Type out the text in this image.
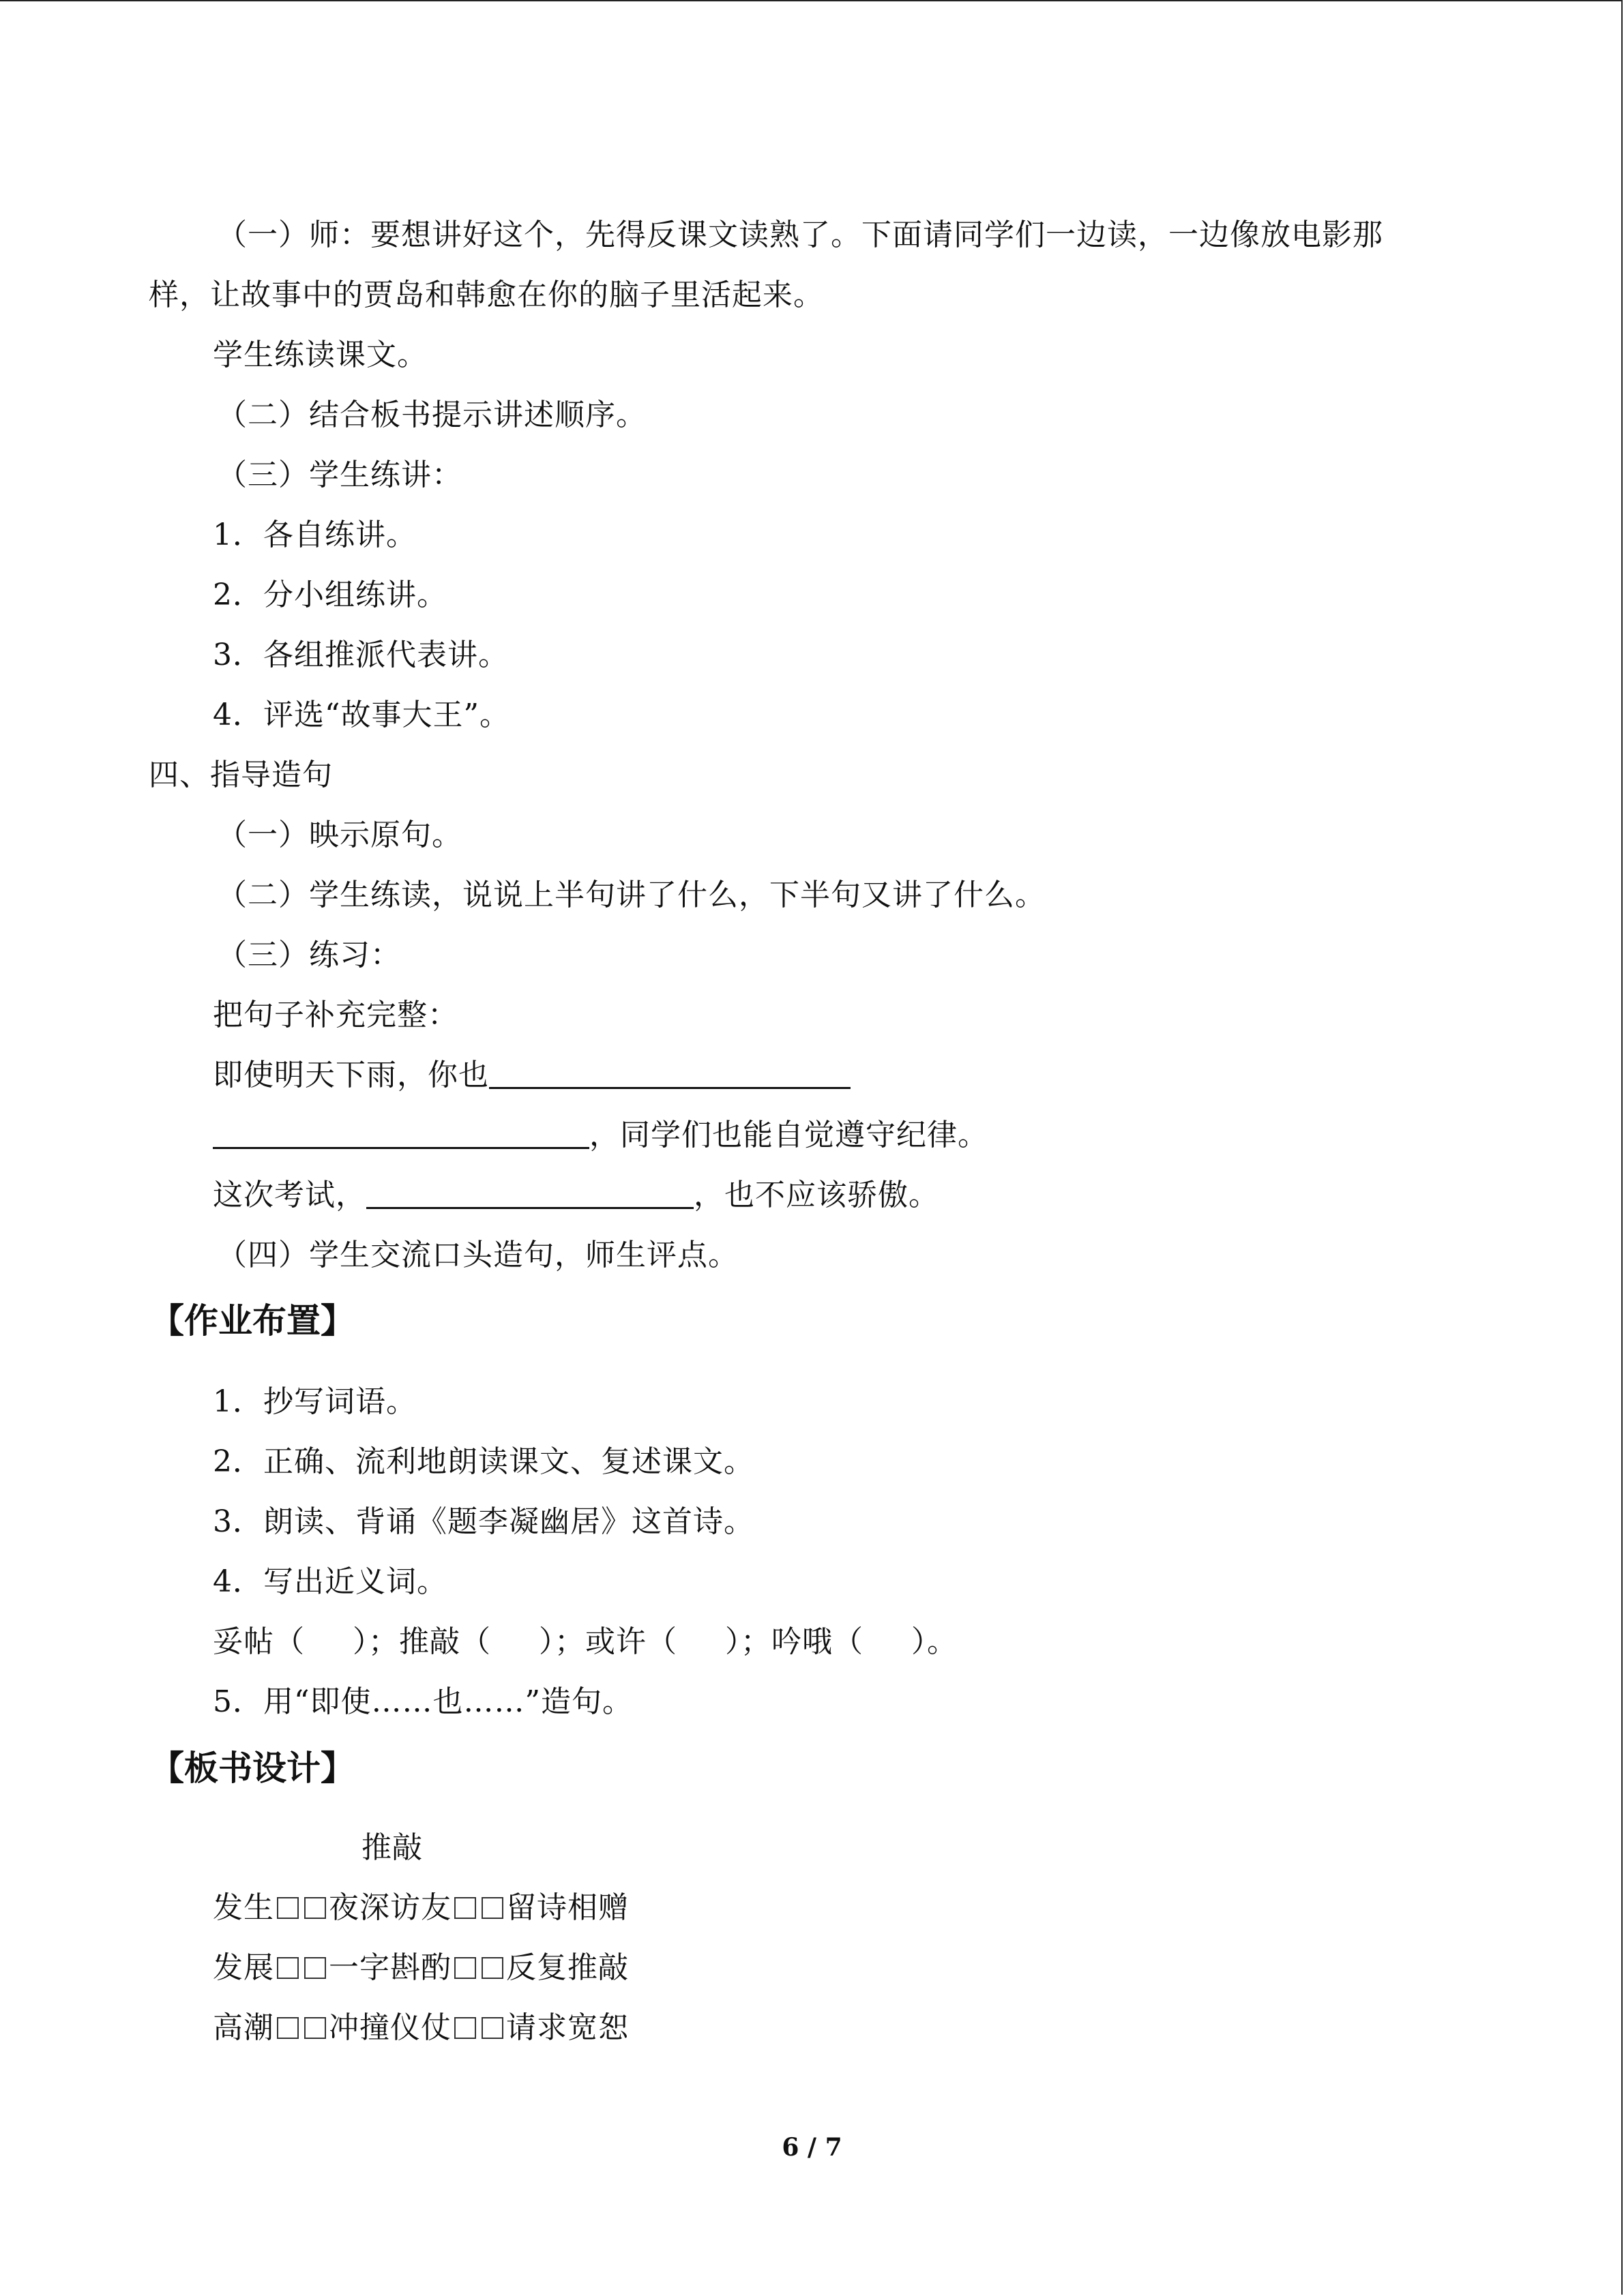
（一）师：要想讲好这个，先得反课文读熟了。下面请同学们一边读，一边像放电影那
样，让故事中的贾岛和韩愈在你的脑子里活起来。
学生练读课文。
（二）结合板书提示讲述顺序。
（三）学生练讲：
1．各自练讲。
2．分小组练讲。
3．各组推派代表讲。
4．评选“故事大王”。
四、指导造句
（一）映示原句。
（二）学生练读，说说上半句讲了什么，下半句又讲了什么。
（三）练习：
把句子补充完整：
即使明天下雨，你也
，同学们也能自觉遵守纪律。
这次考试，	，也不应该骄傲。
（四）学生交流口头造句，师生评点。
【作业布置】
1．抄写词语。
2．正确、流利地朗读课文、复述课文。
3．朗读、背诵《题李凝幽居》这首诗。
4．写出近义词。
妥帖（ ）；推敲（ ）；或许（ ）；吟哦（ ）。
5．用“即使……也……”造句。
【板书设计】
推敲
发生 夜深访友 留诗相赠
发展 一字斟酌 反复推敲
高潮 冲撞仪仗 请求宽恕
6 / 7
